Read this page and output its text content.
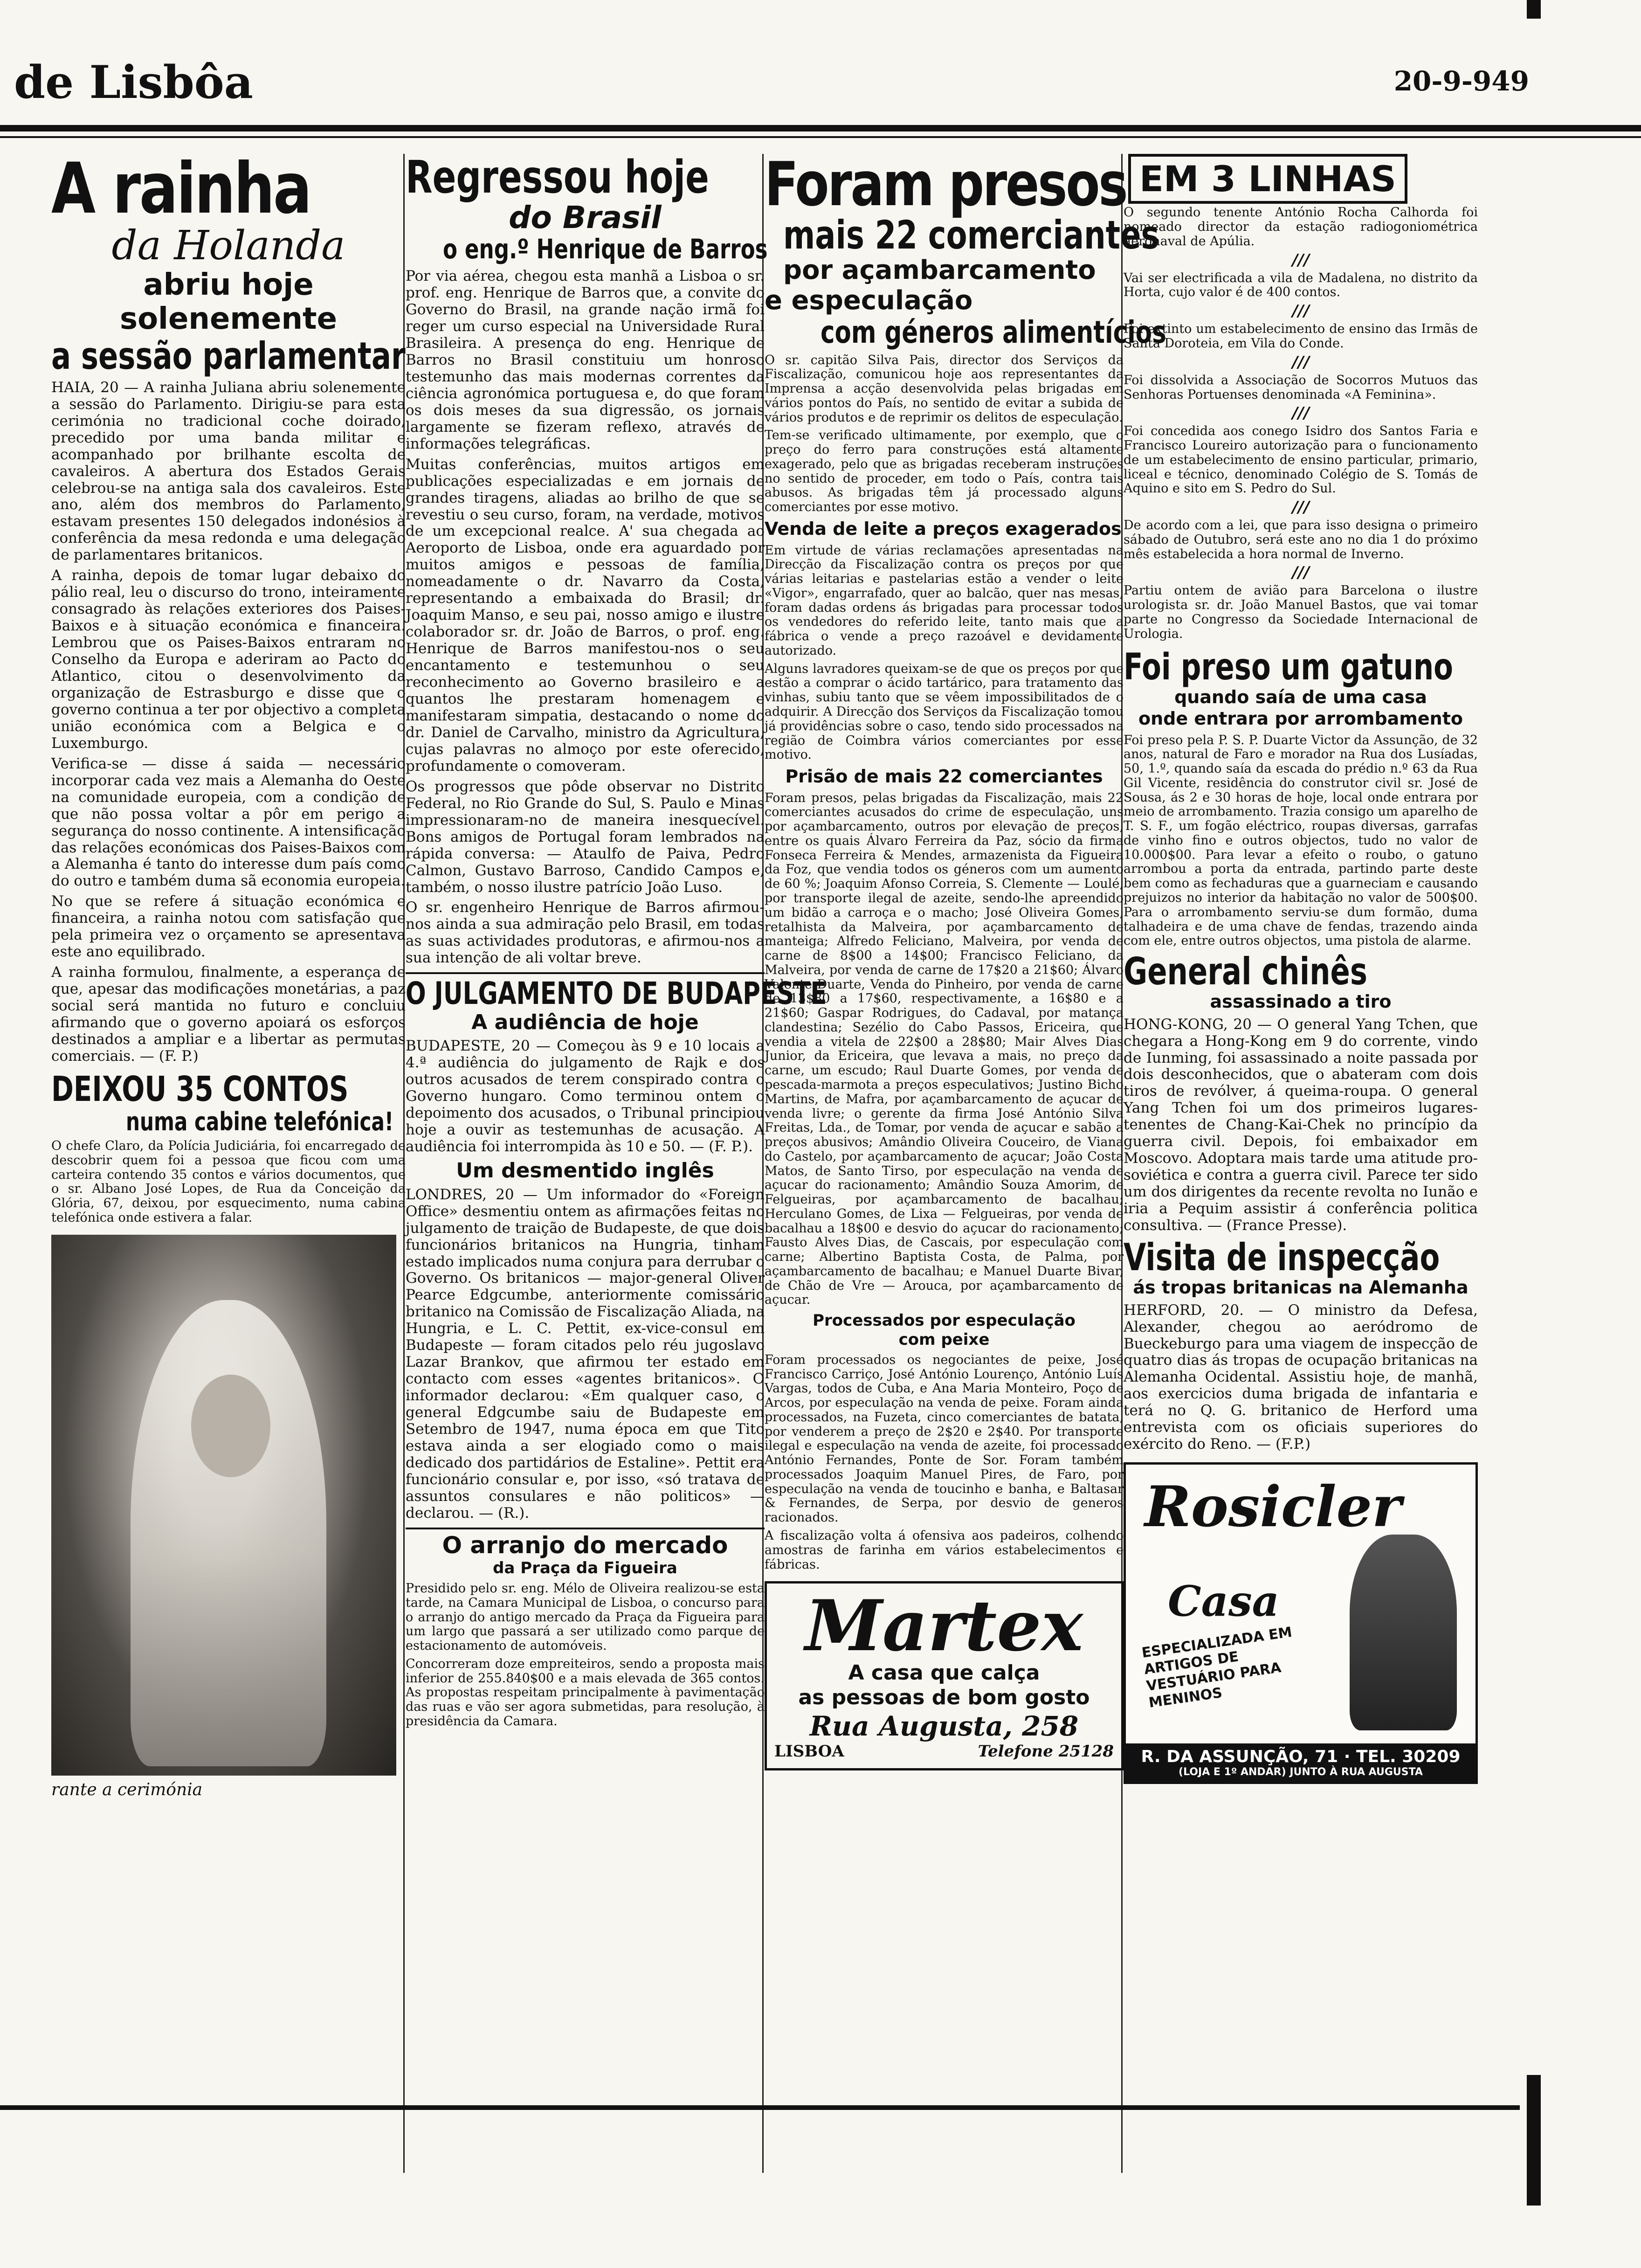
de Lisbôa	20-9-949
A rainha
da Holanda
abriu hoje
solenemente
a sessão parlamentar

HAIA, 20 — A rainha Juliana abriu solenemente a sessão do Parlamento. Dirigiu-se para esta cerimónia no tradicional coche doirado, precedido por uma banda militar e acompanhado por brilhante escolta de cavaleiros. A abertura dos Estados Gerais celebrou-se na antiga sala dos cavaleiros. Este ano, além dos membros do Parlamento, estavam presentes 150 delegados indonésios à conferência da mesa redonda e uma delegação de parlamentares britanicos.

A rainha, depois de tomar lugar debaixo do pálio real, leu o discurso do trono, inteiramente consagrado às relações exteriores dos Paises-Baixos e à situação económica e financeira. Lembrou que os Paises-Baixos entraram no Conselho da Europa e aderiram ao Pacto do Atlantico, citou o desenvolvimento da organização de Estrasburgo e disse que o governo continua a ter por objectivo a completa união económica com a Belgica e o Luxemburgo.

Verifica-se — disse á saida — necessário incorporar cada vez mais a Alemanha do Oeste na comunidade europeia, com a condição de que não possa voltar a pôr em perigo a segurança do nosso continente. A intensificação das relações económicas dos Paises-Baixos com a Alemanha é tanto do interesse dum país como do outro e também duma sã economia europeia.

No que se refere á situação económica e financeira, a rainha notou com satisfação que pela primeira vez o orçamento se apresentava este ano equilibrado.

A rainha formulou, finalmente, a esperança de que, apesar das modificações monetárias, a paz social será mantida no futuro e concluiu afirmando que o governo apoiará os esforços destinados a ampliar e a libertar as permutas comerciais. — (F. P.)

DEIXOU 35 CONTOS
numa cabine telefónica!

O chefe Claro, da Polícia Judiciária, foi encarregado de descobrir quem foi a pessoa que ficou com uma carteira contendo 35 contos e vários documentos, que o sr. Albano José Lopes, de Rua da Conceição da Glória, 67, deixou, por esquecimento, numa cabina telefónica onde estivera a falar.

rante a cerimónia
Regressou hoje
do Brasil
o eng.º Henrique de Barros

Por via aérea, chegou esta manhã a Lisboa o sr. prof. eng. Henrique de Barros que, a convite do Governo do Brasil, na grande nação irmã foi reger um curso especial na Universidade Rural Brasileira. A presença do eng. Henrique de Barros no Brasil constituiu um honroso testemunho das mais modernas correntes da ciência agronómica portuguesa e, do que foram os dois meses da sua digressão, os jornais largamente se fizeram reflexo, através de informações telegráficas.

Muitas conferências, muitos artigos em publicações especializadas e em jornais de grandes tiragens, aliadas ao brilho de que se revestiu o seu curso, foram, na verdade, motivos de um excepcional realce. A' sua chegada ao Aeroporto de Lisboa, onde era aguardado por muitos amigos e pessoas de família, nomeadamente o dr. Navarro da Costa, representando a embaixada do Brasil; dr. Joaquim Manso, e seu pai, nosso amigo e ilustre colaborador sr. dr. João de Barros, o prof. eng. Henrique de Barros manifestou-nos o seu encantamento e testemunhou o seu reconhecimento ao Governo brasileiro e a quantos lhe prestaram homenagem e manifestaram simpatia, destacando o nome do dr. Daniel de Carvalho, ministro da Agricultura, cujas palavras no almoço por este oferecido, profundamente o comoveram.

Os progressos que pôde observar no Distrito Federal, no Rio Grande do Sul, S. Paulo e Minas impressionaram-no de maneira inesquecível. Bons amigos de Portugal foram lembrados na rápida conversa: — Ataulfo de Paiva, Pedro Calmon, Gustavo Barroso, Candido Campos e, também, o nosso ilustre patrício João Luso.

O sr. engenheiro Henrique de Barros afirmou-nos ainda a sua admiração pelo Brasil, em todas as suas actividades produtoras, e afirmou-nos a sua intenção de ali voltar breve.

O JULGAMENTO DE BUDAPESTE
A audiência de hoje

BUDAPESTE, 20 — Começou às 9 e 10 locais a 4.ª audiência do julgamento de Rajk e dos outros acusados de terem conspirado contra o Governo hungaro. Como terminou ontem o depoimento dos acusados, o Tribunal principiou hoje a ouvir as testemunhas de acusação. A audiência foi interrompida às 10 e 50. — (F. P.).

Um desmentido inglês

LONDRES, 20 — Um informador do «Foreign Office» desmentiu ontem as afirmações feitas no julgamento de traição de Budapeste, de que dois funcionários britanicos na Hungria, tinham estado implicados numa conjura para derrubar o Governo. Os britanicos — major-general Oliver Pearce Edgcumbe, anteriormente comissário britanico na Comissão de Fiscalização Aliada, na Hungria, e L. C. Pettit, ex-vice-consul em Budapeste — foram citados pelo réu jugoslavo Lazar Brankov, que afirmou ter estado em contacto com esses «agentes britanicos». O informador declarou: «Em qualquer caso, o general Edgcumbe saiu de Budapeste em Setembro de 1947, numa época em que Tito estava ainda a ser elogiado como o mais dedicado dos partidários de Estaline». Pettit era funcionário consular e, por isso, «só tratava de assuntos consulares e não politicos» — declarou. — (R.).

O arranjo do mercado
da Praça da Figueira

Presidido pelo sr. eng. Mélo de Oliveira realizou-se esta tarde, na Camara Municipal de Lisboa, o concurso para o arranjo do antigo mercado da Praça da Figueira para um largo que passará a ser utilizado como parque de estacionamento de automóveis.

Concorreram doze empreiteiros, sendo a proposta mais inferior de 255.840$00 e a mais elevada de 365 contos. As propostas respeitam principalmente à pavimentação das ruas e vão ser agora submetidas, para resolução, à presidência da Camara.

Foram presos
mais 22 comerciantes
por açambarcamento
e especulação
com géneros alimentícios

O sr. capitão Silva Pais, director dos Serviços da Fiscalização, comunicou hoje aos representantes da Imprensa a acção desenvolvida pelas brigadas em vários pontos do País, no sentido de evitar a subida de vários produtos e de reprimir os delitos de especulação.

Tem-se verificado ultimamente, por exemplo, que o preço do ferro para construções está altamente exagerado, pelo que as brigadas receberam instruções no sentido de proceder, em todo o País, contra tais abusos. As brigadas têm já processado alguns comerciantes por esse motivo.

Venda de leite a preços exagerados

Em virtude de várias reclamações apresentadas na Direcção da Fiscalização contra os preços por que várias leitarias e pastelarias estão a vender o leite «Vigor», engarrafado, quer ao balcão, quer nas mesas, foram dadas ordens ás brigadas para processar todos os vendedores do referido leite, tanto mais que a fábrica o vende a preço razoável e devidamente autorizado.

Alguns lavradores queixam-se de que os preços por que estão a comprar o ácido tartárico, para tratamento das vinhas, subiu tanto que se vêem impossibilitados de o adquirir. A Direcção dos Serviços da Fiscalização tomou já providências sobre o caso, tendo sido processados na região de Coimbra vários comerciantes por esse motivo.

Prisão de mais 22 comerciantes

Foram presos, pelas brigadas da Fiscalização, mais 22 comerciantes acusados do crime de especulação, uns por açambarcamento, outros por elevação de preços, entre os quais Álvaro Ferreira da Paz, sócio da firma Fonseca Ferreira & Mendes, armazenista da Figueira da Foz, que vendia todos os géneros com um aumento de 60 %; Joaquim Afonso Correia, S. Clemente — Loulé, por transporte ilegal de azeite, sendo-lhe apreendido um bidão a carroça e o macho; José Oliveira Gomes, retalhista da Malveira, por açambarcamento de manteiga; Alfredo Feliciano, Malveira, por venda de carne de 8$00 a 14$00; Francisco Feliciano, da Malveira, por venda de carne de 17$20 a 21$60; Álvaro Valente Duarte, Venda do Pinheiro, por venda de carne de 13$80 a 17$60, respectivamente, a 16$80 e a 21$60; Gaspar Rodrigues, do Cadaval, por matança clandestina; Sezélio do Cabo Passos, Ericeira, que vendia a vitela de 22$00 a 28$80; Mair Alves Dias Junior, da Ericeira, que levava a mais, no preço da carne, um escudo; Raul Duarte Gomes, por venda de pescada-marmota a preços especulativos; Justino Bicho Martins, de Mafra, por açambarcamento de açucar de venda livre; o gerente da firma José António Silva Freitas, Lda., de Tomar, por venda de açucar e sabão a preços abusivos; Amândio Oliveira Couceiro, de Viana do Castelo, por açambarcamento de açucar; João Costa Matos, de Santo Tirso, por especulação na venda de açucar do racionamento; Amândio Souza Amorim, de Felgueiras, por açambarcamento de bacalhau; Herculano Gomes, de Lixa — Felgueiras, por venda de bacalhau a 18$00 e desvio do açucar do racionamento; Fausto Alves Dias, de Cascais, por especulação com carne; Albertino Baptista Costa, de Palma, por açambarcamento de bacalhau; e Manuel Duarte Bivar, de Chão de Vre — Arouca, por açambarcamento de açucar.

Processados por especulação
com peixe

Foram processados os negociantes de peixe, José Francisco Carriço, José António Lourenço, António Luís Vargas, todos de Cuba, e Ana Maria Monteiro, Poço de Arcos, por especulação na venda de peixe. Foram ainda processados, na Fuzeta, cinco comerciantes de batata, por venderem a preço de 2$20 e 2$40. Por transporte ilegal e especulação na venda de azeite, foi processado António Fernandes, Ponte de Sor. Foram também processados Joaquim Manuel Pires, de Faro, por especulação na venda de toucinho e banha, e Baltasar & Fernandes, de Serpa, por desvio de generos racionados.

A fiscalização volta á ofensiva aos padeiros, colhendo amostras de farinha em vários estabelecimentos e fábricas.

Martex
A casa que calça
as pessoas de bom gosto
Rua Augusta, 258
LISBOA	Telefone 25128
EM 3 LINHAS

O segundo tenente António Rocha Calhorda foi nomeado director da estação radiogoniométrica aeronaval de Apúlia.

///

Vai ser electrificada a vila de Madalena, no distrito da Horta, cujo valor é de 400 contos.

///

Foi extinto um estabelecimento de ensino das Irmãs de Santa Doroteia, em Vila do Conde.

///

Foi dissolvida a Associação de Socorros Mutuos das Senhoras Portuenses denominada «A Feminina».

///

Foi concedida aos conego Isidro dos Santos Faria e Francisco Loureiro autorização para o funcionamento de um estabelecimento de ensino particular, primario, liceal e técnico, denominado Colégio de S. Tomás de Aquino e sito em S. Pedro do Sul.

///

De acordo com a lei, que para isso designa o primeiro sábado de Outubro, será este ano no dia 1 do próximo mês estabelecida a hora normal de Inverno.

///

Partiu ontem de avião para Barcelona o ilustre urologista sr. dr. João Manuel Bastos, que vai tomar parte no Congresso da Sociedade Internacional de Urologia.

Foi preso um gatuno
quando saía de uma casa
onde entrara por arrombamento

Foi preso pela P. S. P. Duarte Victor da Assunção, de 32 anos, natural de Faro e morador na Rua dos Lusíadas, 50, 1.º, quando saía da escada do prédio n.º 63 da Rua Gil Vicente, residência do construtor civil sr. José de Sousa, ás 2 e 30 horas de hoje, local onde entrara por meio de arrombamento. Trazia consigo um aparelho de T. S. F., um fogão eléctrico, roupas diversas, garrafas de vinho fino e outros objectos, tudo no valor de 10.000$00. Para levar a efeito o roubo, o gatuno arrombou a porta da entrada, partindo parte deste bem como as fechaduras que a guarneciam e causando prejuizos no interior da habitação no valor de 500$00. Para o arrombamento serviu-se dum formão, duma talhadeira e de uma chave de fendas, trazendo ainda com ele, entre outros objectos, uma pistola de alarme.

General chinês
assassinado a tiro

HONG-KONG, 20 — O general Yang Tchen, que chegara a Hong-Kong em 9 do corrente, vindo de Iunming, foi assassinado a noite passada por dois desconhecidos, que o abateram com dois tiros de revólver, á queima-roupa. O general Yang Tchen foi um dos primeiros lugares-tenentes de Chang-Kai-Chek no princípio da guerra civil. Depois, foi embaixador em Moscovo. Adoptara mais tarde uma atitude pro-soviética e contra a guerra civil. Parece ter sido um dos dirigentes da recente revolta no Iunão e iria a Pequim assistir á conferência politica consultiva. — (France Presse).

Visita de inspecção
ás tropas britanicas na Alemanha

HERFORD, 20. — O ministro da Defesa, Alexander, chegou ao aeródromo de Bueckeburgo para uma viagem de inspecção de quatro dias ás tropas de ocupação britanicas na Alemanha Ocidental. Assistiu hoje, de manhã, aos exercicios duma brigada de infantaria e terá no Q. G. britanico de Herford uma entrevista com os oficiais superiores do exército do Reno. — (F.P.)

Rosicler
Casa
ESPECIALIZADA EM ARTIGOS DE VESTUÁRIO PARA MENINOS
R. DA ASSUNÇÃO, 71 · TEL. 30209
(LOJA E 1º ANDAR) JUNTO À RUA AUGUSTA
